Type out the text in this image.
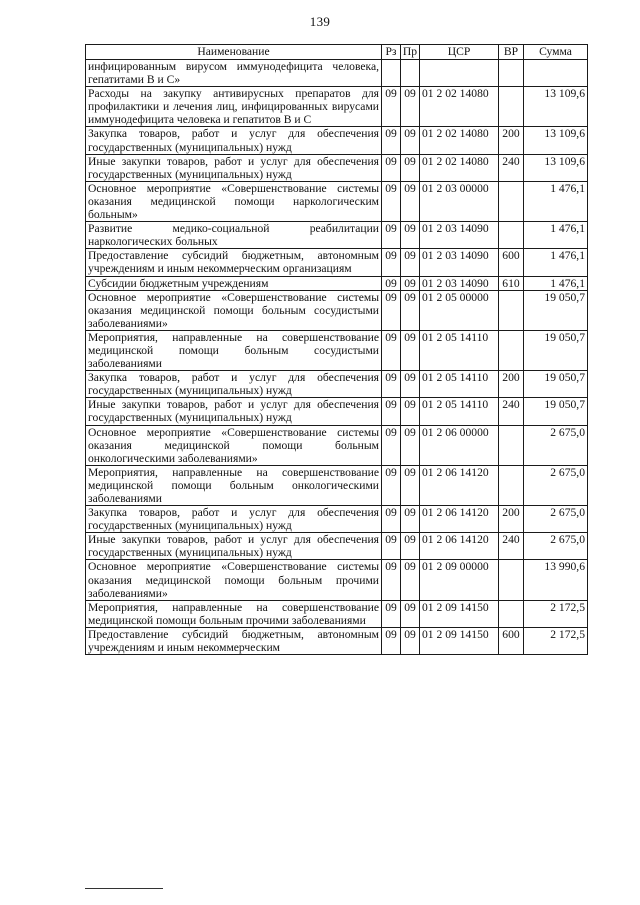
139
Наименование	Рз	Пр	ЦСР	ВР	Сумма
инфицированным вирусом иммунодефицита человека, гепатитами В и С»					
Расходы на закупку антивирусных препаратов для профилактики и лечения лиц, инфицированных вирусами иммунодефицита человека и гепатитов В и С	09	09	01 2 02 14080		13 109,6
Закупка товаров, работ и услуг для обеспечения государственных (муниципальных) нужд	09	09	01 2 02 14080	200	13 109,6
Иные закупки товаров, работ и услуг для обеспечения государственных (муниципальных) нужд	09	09	01 2 02 14080	240	13 109,6
Основное мероприятие «Совершенствование системы оказания медицинской помощи наркологическим больным»	09	09	01 2 03 00000		1 476,1
Развитие медико-социальной реабилитации наркологических больных	09	09	01 2 03 14090		1 476,1
Предоставление субсидий бюджетным, автономным учреждениям и иным некоммерческим организациям	09	09	01 2 03 14090	600	1 476,1
Субсидии бюджетным учреждениям	09	09	01 2 03 14090	610	1 476,1
Основное мероприятие «Совершенствование системы оказания медицинской помощи больным сосудистыми заболеваниями»	09	09	01 2 05 00000		19 050,7
Мероприятия, направленные на совершенствование медицинской помощи больным сосудистыми заболеваниями	09	09	01 2 05 14110		19 050,7
Закупка товаров, работ и услуг для обеспечения государственных (муниципальных) нужд	09	09	01 2 05 14110	200	19 050,7
Иные закупки товаров, работ и услуг для обеспечения государственных (муниципальных) нужд	09	09	01 2 05 14110	240	19 050,7
Основное мероприятие «Совершенствование системы оказания медицинской помощи больным онкологическими заболеваниями»	09	09	01 2 06 00000		2 675,0
Мероприятия, направленные на совершенствование медицинской помощи больным онкологическими заболеваниями	09	09	01 2 06 14120		2 675,0
Закупка товаров, работ и услуг для обеспечения государственных (муниципальных) нужд	09	09	01 2 06 14120	200	2 675,0
Иные закупки товаров, работ и услуг для обеспечения государственных (муниципальных) нужд	09	09	01 2 06 14120	240	2 675,0
Основное мероприятие «Совершенствование системы оказания медицинской помощи больным прочими заболеваниями»	09	09	01 2 09 00000		13 990,6
Мероприятия, направленные на совершенствование медицинской помощи больным прочими заболеваниями	09	09	01 2 09 14150		2 172,5
Предоставление субсидий бюджетным, автономным учреждениям и иным некоммерческим	09	09	01 2 09 14150	600	2 172,5
